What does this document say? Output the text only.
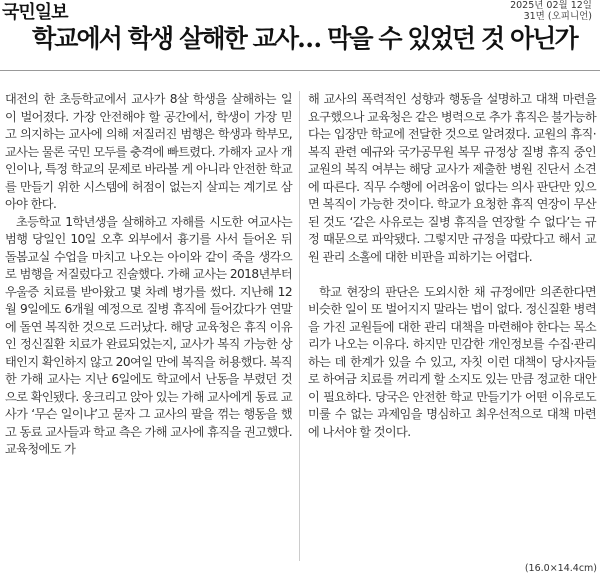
국민일보	2025년 02월 12일
31면 (오피니언)
학교에서 학생 살해한 교사… 막을 수 있었던 것 아닌가

대전의 한 초등학교에서 교사가 8살 학생을 살해하는 일이 벌어졌다. 가장 안전해야 할 공간에서, 학생이 가장 믿고 의지하는 교사에 의해 저질러진 범행은 학생과 학부모, 교사는 물론 국민 모두를 충격에 빠트렸다. 가해자 교사 개인이나, 특정 학교의 문제로 바라볼 게 아니라 안전한 학교를 만들기 위한 시스템에 허점이 없는지 살피는 계기로 삼아야 한다.

초등학교 1학년생을 살해하고 자해를 시도한 여교사는 범행 당일인 10일 오후 외부에서 흉기를 사서 들어온 뒤 돌봄교실 수업을 마치고 나오는 아이와 같이 죽을 생각으로 범행을 저질렀다고 진술했다. 가해 교사는 2018년부터 우울증 치료를 받아왔고 몇 차례 병가를 썼다. 지난해 12월 9일에도 6개월 예정으로 질병 휴직에 들어갔다가 연말에 돌연 복직한 것으로 드러났다. 해당 교육청은 휴직 이유인 정신질환 치료가 완료되었는지, 교사가 복직 가능한 상태인지 확인하지 않고 20여일 만에 복직을 허용했다. 복직한 가해 교사는 지난 6일에도 학교에서 난동을 부렸던 것으로 확인됐다. 웅크리고 앉아 있는 가해 교사에게 동료 교사가 ‘무슨 일이냐’고 묻자 그 교사의 팔을 꺾는 행동을 했고 동료 교사들과 학교 측은 가해 교사에 휴직을 권고했다. 교육청에도 가

해 교사의 폭력적인 성향과 행동을 설명하고 대책 마련을 요구했으나 교육청은 같은 병력으로 추가 휴직은 불가능하다는 입장만 학교에 전달한 것으로 알려졌다. 교원의 휴직·복직 관련 예규와 국가공무원 복무 규정상 질병 휴직 중인 교원의 복직 여부는 해당 교사가 제출한 병원 진단서 소견에 따른다. 직무 수행에 어려움이 없다는 의사 판단만 있으면 복직이 가능한 것이다. 학교가 요청한 휴직 연장이 무산된 것도 ‘같은 사유로는 질병 휴직을 연장할 수 없다’는 규정 때문으로 파악됐다. 그렇지만 규정을 따랐다고 해서 교원 관리 소홀에 대한 비판을 피하기는 어렵다.

학교 현장의 판단은 도외시한 채 규정에만 의존한다면 비슷한 일이 또 벌어지지 말라는 법이 없다. 정신질환 병력을 가진 교원들에 대한 관리 대책을 마련해야 한다는 목소리가 나오는 이유다. 하지만 민감한 개인정보를 수집·관리하는 데 한계가 있을 수 있고, 자칫 이런 대책이 당사자들로 하여금 치료를 꺼리게 할 소지도 있는 만큼 정교한 대안이 필요하다. 당국은 안전한 학교 만들기가 어떤 이유로도 미룰 수 없는 과제임을 명심하고 최우선적으로 대책 마련에 나서야 할 것이다.

(16.0×14.4cm)
